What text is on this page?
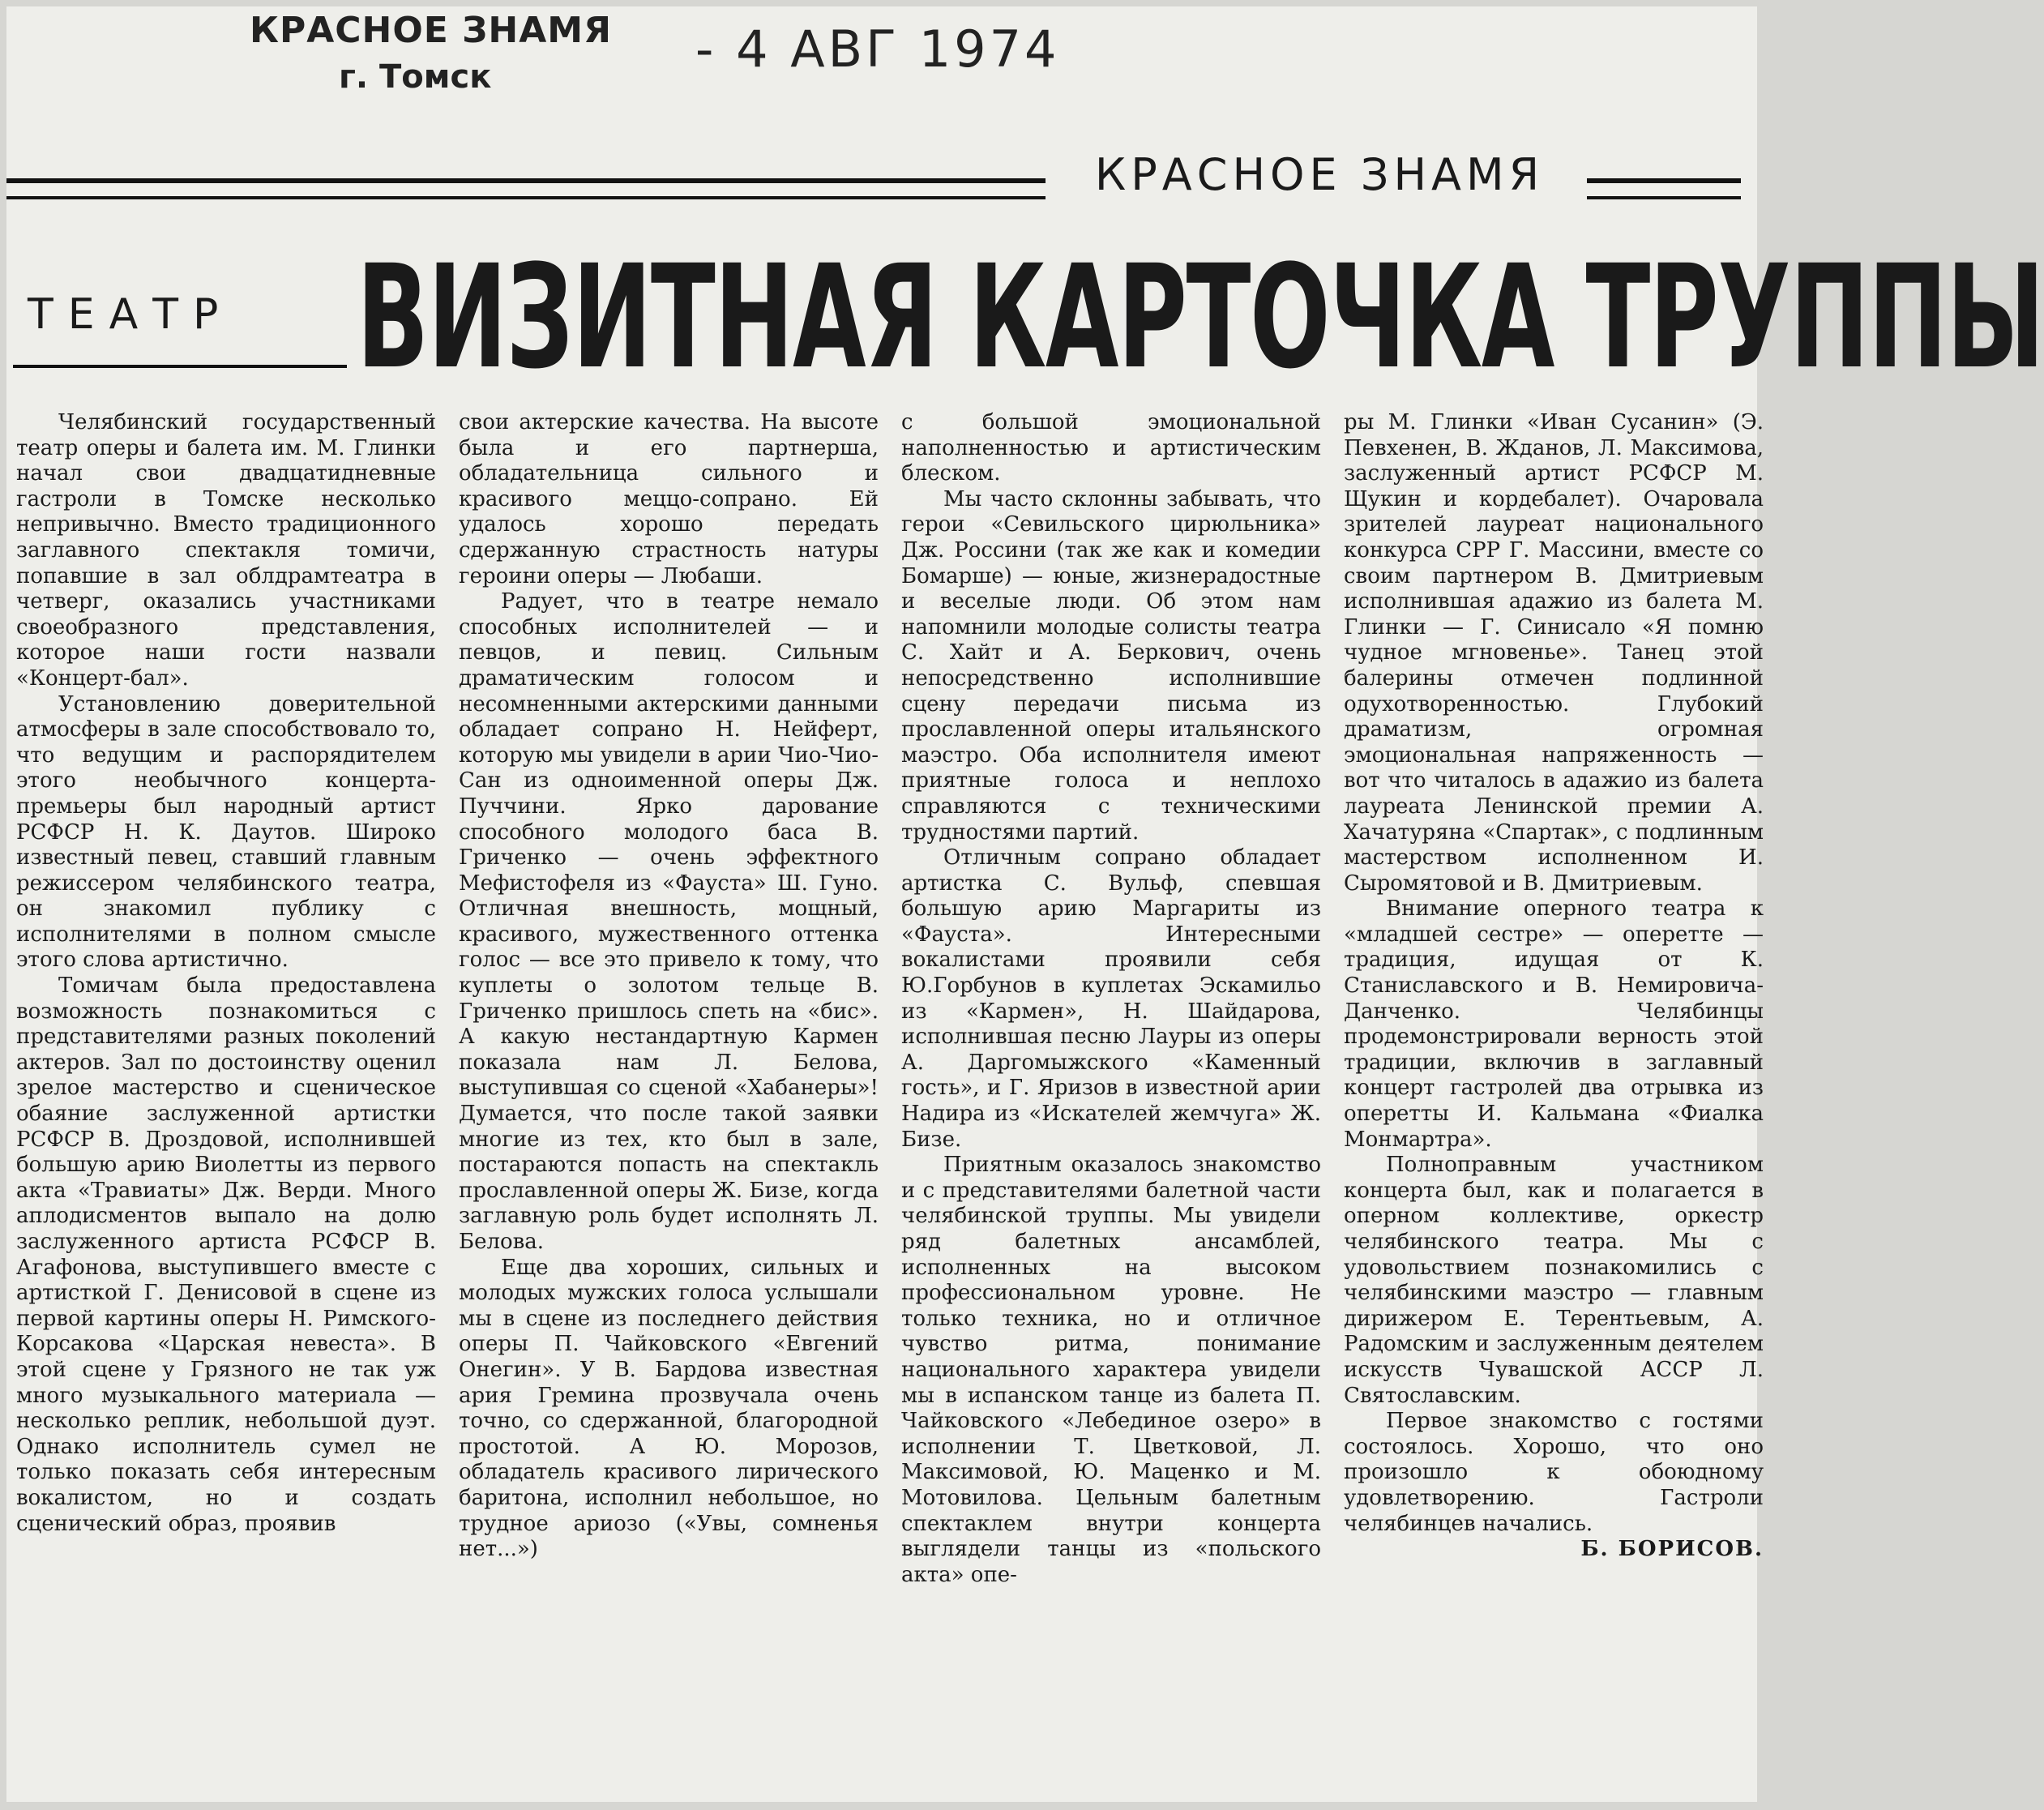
КРАСНОЕ ЗНАМЯ
г. Томск	- 4 АВГ 1974
КРАСНОЕ ЗНАМЯ
ТЕАТР ВИЗИТНАЯ КАРТОЧКА ТРУППЫ

Челябинский государственный театр оперы и балета им. М. Глинки начал свои двадцатидневные гастроли в Томске несколько непривычно. Вместо традиционного заглавного спектакля томичи, попавшие в зал облдрамтеатра в четверг, оказались участниками своеобразного представления, которое наши гости назвали «Концерт-бал».

Установлению доверительной атмосферы в зале способствовало то, что ведущим и распорядителем этого необычного концерта-премьеры был народный артист РСФСР Н. К. Даутов. Широко известный певец, ставший главным режиссером челябинского театра, он знакомил публику с исполнителями в полном смысле этого слова артистично.

Томичам была предоставлена возможность познакомиться с представителями разных поколений актеров. Зал по достоинству оценил зрелое мастерство и сценическое обаяние заслуженной артистки РСФСР В. Дроздовой, исполнившей большую арию Виолетты из первого акта «Травиаты» Дж. Верди. Много аплодисментов выпало на долю заслуженного артиста РСФСР В. Агафонова, выступившего вместе с артисткой Г. Денисовой в сцене из первой картины оперы Н. Римского-Корсакова «Царская невеста». В этой сцене у Грязного не так уж много музыкального материала — несколько реплик, небольшой дуэт. Однако исполнитель сумел не только показать себя интересным вокалистом, но и создать сценический образ, проявив

свои актерские качества. На высоте была и его партнерша, обладательница сильного и красивого меццо-сопрано. Ей удалось хорошо передать сдержанную страстность натуры героини оперы — Любаши.

Радует, что в театре немало способных исполнителей — и певцов, и певиц. Сильным драматическим голосом и несомненными актерскими данными обладает сопрано Н. Нейферт, которую мы увидели в арии Чио-Чио-Сан из одноименной оперы Дж. Пуччини. Ярко дарование способного молодого баса В. Гриченко — очень эффектного Мефистофеля из «Фауста» Ш. Гуно. Отличная внешность, мощный, красивого, мужественного оттенка голос — все это привело к тому, что куплеты о золотом тельце В. Гриченко пришлось спеть на «бис». А какую нестандартную Кармен показала нам Л. Белова, выступившая со сценой «Хабанеры»! Думается, что после такой заявки многие из тех, кто был в зале, постараются попасть на спектакль прославленной оперы Ж. Бизе, когда заглавную роль будет исполнять Л. Белова.

Еще два хороших, сильных и молодых мужских голоса услышали мы в сцене из последнего действия оперы П. Чайковского «Евгений Онегин». У В. Бардова известная ария Гремина прозвучала очень точно, со сдержанной, благородной простотой. А Ю. Морозов, обладатель красивого лирического баритона, исполнил небольшое, но трудное ариозо («Увы, сомненья нет...»)

с большой эмоциональной наполненностью и артистическим блеском.

Мы часто склонны забывать, что герои «Севильского цирюльника» Дж. Россини (так же как и комедии Бомарше) — юные, жизнерадостные и веселые люди. Об этом нам напомнили молодые солисты театра С. Хайт и А. Беркович, очень непосредственно исполнившие сцену передачи письма из прославленной оперы итальянского маэстро. Оба исполнителя имеют приятные голоса и неплохо справляются с техническими трудностями партий.

Отличным сопрано обладает артистка С. Вульф, спевшая большую арию Маргариты из «Фауста». Интересными вокалистами проявили себя Ю.Горбунов в куплетах Эскамильо из «Кармен», Н. Шайдарова, исполнившая песню Лауры из оперы А. Даргомыжского «Каменный гость», и Г. Яризов в известной арии Надира из «Искателей жемчуга» Ж. Бизе.

Приятным оказалось знакомство и с представителями балетной части челябинской труппы. Мы увидели ряд балетных ансамблей, исполненных на высоком профессиональном уровне. Не только техника, но и отличное чувство ритма, понимание национального характера увидели мы в испанском танце из балета П. Чайковского «Лебединое озеро» в исполнении Т. Цветковой, Л. Максимовой, Ю. Маценко и М. Мотовилова. Цельным балетным спектаклем внутри концерта выглядели танцы из «польского акта» опе-

ры М. Глинки «Иван Сусанин» (Э. Певхенен, В. Жданов, Л. Максимова, заслуженный артист РСФСР М. Щукин и кордебалет). Очаровала зрителей лауреат национального конкурса СРР Г. Массини, вместе со своим партнером В. Дмитриевым исполнившая адажио из балета М. Глинки — Г. Синисало «Я помню чудное мгновенье». Танец этой балерины отмечен подлинной одухотворенностью. Глубокий драматизм, огромная эмоциональная напряженность — вот что читалось в адажио из балета лауреата Ленинской премии А. Хачатуряна «Спартак», с подлинным мастерством исполненном И. Сыромятовой и В. Дмитриевым.

Внимание оперного театра к «младшей сестре» — оперетте — традиция, идущая от К. Станиславского и В. Немировича-Данченко. Челябинцы продемонстрировали верность этой традиции, включив в заглавный концерт гастролей два отрывка из оперетты И. Кальмана «Фиалка Монмартра».

Полноправным участником концерта был, как и полагается в оперном коллективе, оркестр челябинского театра. Мы с удовольствием познакомились с челябинскими маэстро — главным дирижером Е. Терентьевым, А. Радомским и заслуженным деятелем искусств Чувашской АССР Л. Святославским.

Первое знакомство с гостями состоялось. Хорошо, что оно произошло к обоюдному удовлетворению. Гастроли челябинцев начались.

Б. БОРИСОВ.
